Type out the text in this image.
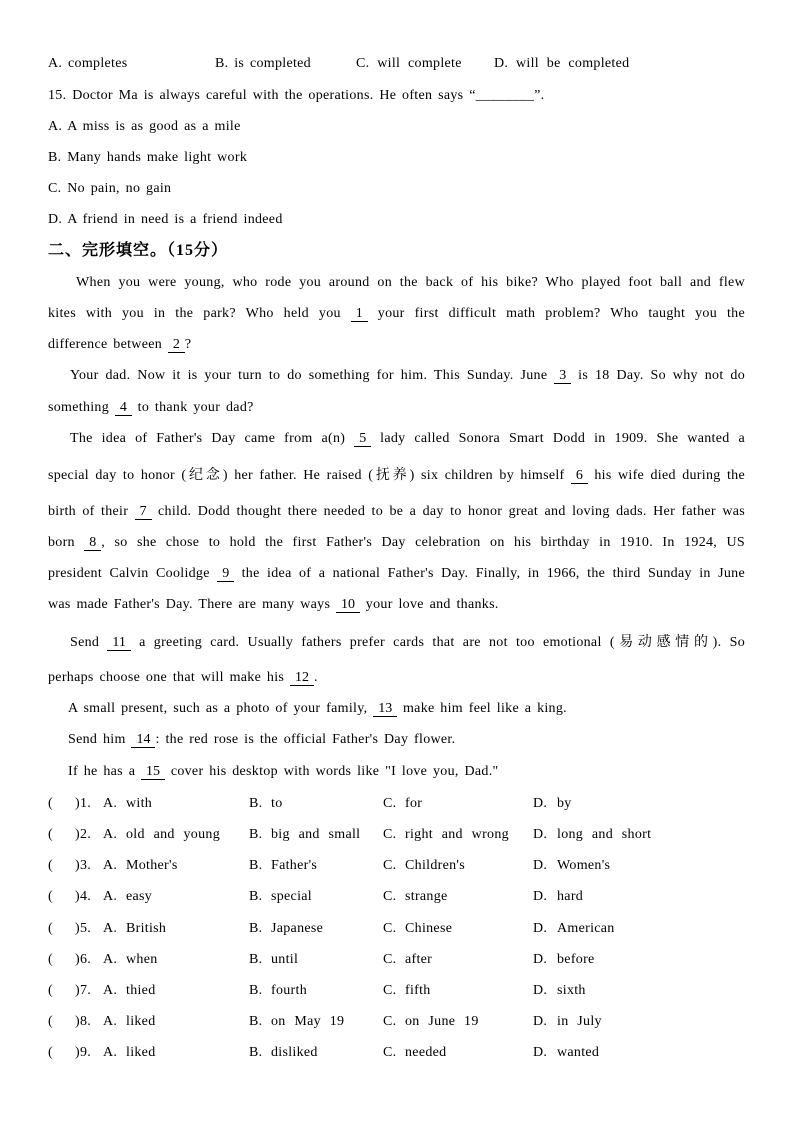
A. completes	B. is completed	C. will complete D. will be completed
15. Doctor Ma is always careful with the operations. He often says “________”.
A. A miss is as good as a mile
B. Many hands make light work
C. No pain, no gain
D. A friend in need is a friend indeed
二、完形填空。（15分）
When you were young, who rode you around on the back of his bike? Who played foot ball and flew
kites with you in the park? Who held you 1 your first difficult math problem? Who taught you the
difference between 2 ?
Your dad. Now it is your turn to do something for him. This Sunday. June 3 is 18 Day. So why not do
something 4 to thank your dad?
The idea of Father's Day came from a(n) 5 lady called Sonora Smart Dodd in 1909. She wanted a
special day to honor (纪念) her father. He raised (抚养) six children by himself 6 his wife died during the
birth of their 7 child. Dodd thought there needed to be a day to honor great and loving dads. Her father was
born 8 , so she chose to hold the first Father's Day celebration on his birthday in 1910. In 1924, US
president Calvin Coolidge 9 the idea of a national Father's Day. Finally, in 1966, the third Sunday in June
was made Father's Day. There are many ways 10 your love and thanks.
Send 11 a greeting card. Usually fathers prefer cards that are not too emotional (易动感情的). So
perhaps choose one that will make his 12 .
A small present, such as a photo of your family, 13 make him feel like a king.
Send him 14 : the red rose is the official Father's Day flower.
If he has a 15 cover his desktop with words like "I love you, Dad."
( ) 1. A. with	B. to	C. for	D. by
( ) 2. A. old and young B. big and small C. right and wrong D. long and short
( ) 3. A. Mother's	B. Father's	C. Children's	D. Women's
( ) 4. A. easy	B. special	C. strange	D. hard
( ) 5. A. British	B. Japanese	C. Chinese	D. American
( ) 6. A. when	B. until	C. after	D. before
( ) 7. A. thied	B. fourth	C. fifth	D. sixth
( ) 8. A. liked	B. on May 19	C. on June 19	D. in July
( ) 9. A. liked	B. disliked	C. needed	D. wanted
